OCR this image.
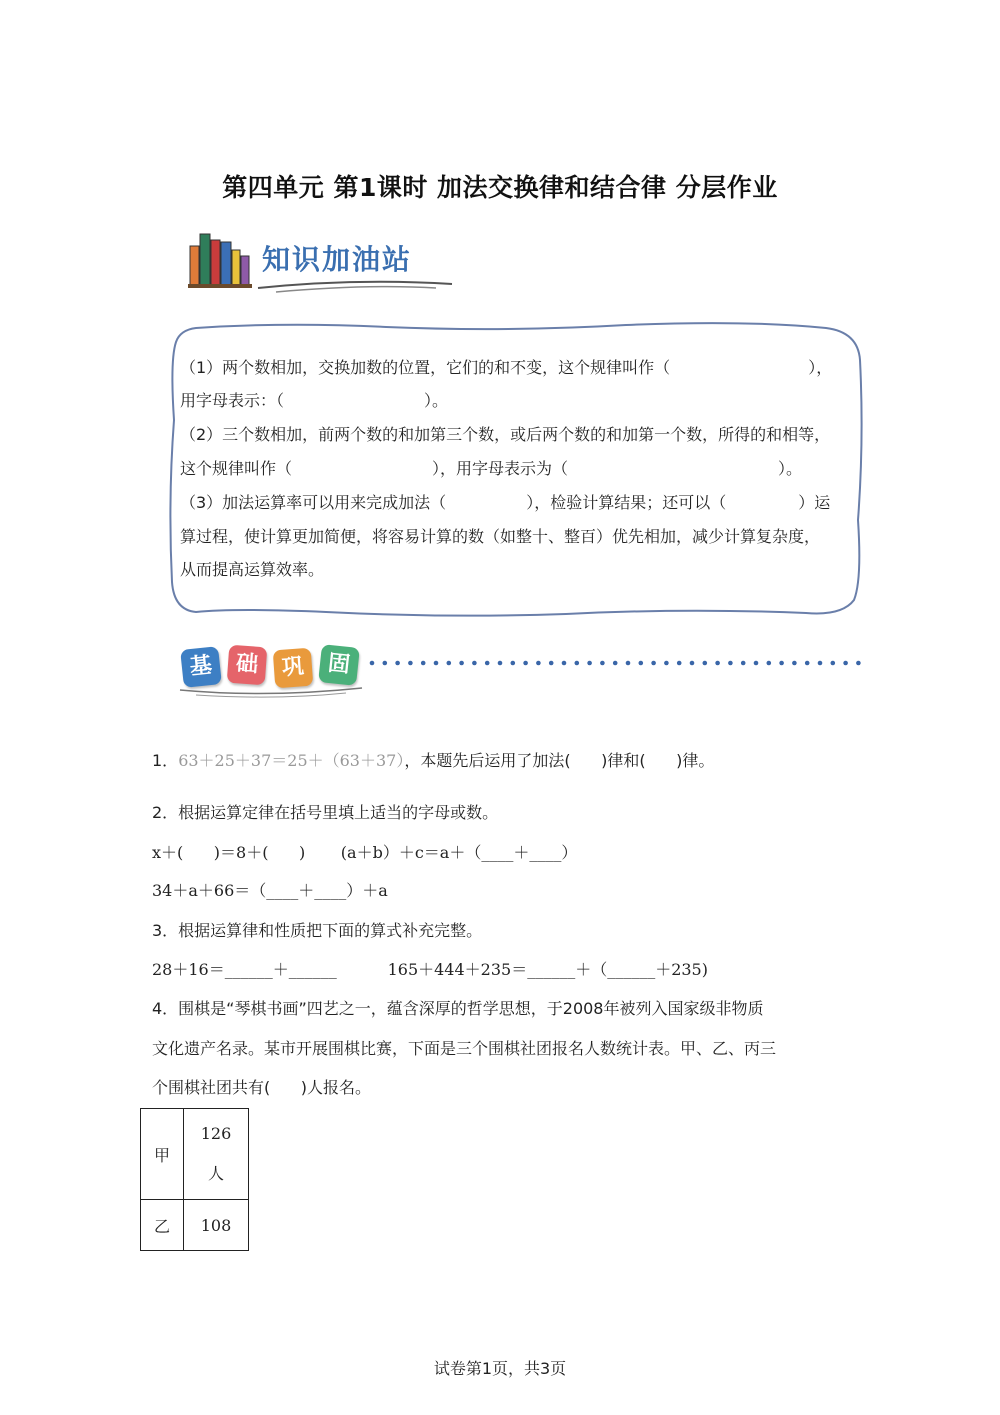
第四单元 第1课时 加法交换律和结合律 分层作业
知识加油站
（1）两个数相加，交换加数的位置，它们的和不变，这个规律叫作（	），
用字母表示：（	）。
（2）三个数相加，前两个数的和加第三个数，或后两个数的和加第一个数，所得的和相等，
这个规律叫作（	），用字母表示为（	）。
（3）加法运算率可以用来完成加法（	），检验计算结果；还可以（	）运
算过程，使计算更加简便，将容易计算的数（如整十、整百）优先相加，减少计算复杂度，
从而提高运算效率。
基 础	巩 固
1．63＋25＋37＝25＋（63＋37），本题先后运用了加法(      )律和(      )律。
2．根据运算定律在括号里填上适当的字母或数。
x＋(      )＝8＋(      )       (a＋b）＋c＝a＋（____＋____）
34＋a＋66＝（____＋____）＋a
3．根据运算律和性质把下面的算式补充完整。
28＋16＝______＋______          165＋444＋235＝______＋（______＋235)
4．围棋是“琴棋书画”四艺之一，蕴含深厚的哲学思想，于2008年被列入国家级非物质
文化遗产名录。某市开展围棋比赛，下面是三个围棋社团报名人数统计表。甲、乙、丙三
个围棋社团共有(      )人报名。
甲	126
人

乙	108
试卷第1页，共3页
